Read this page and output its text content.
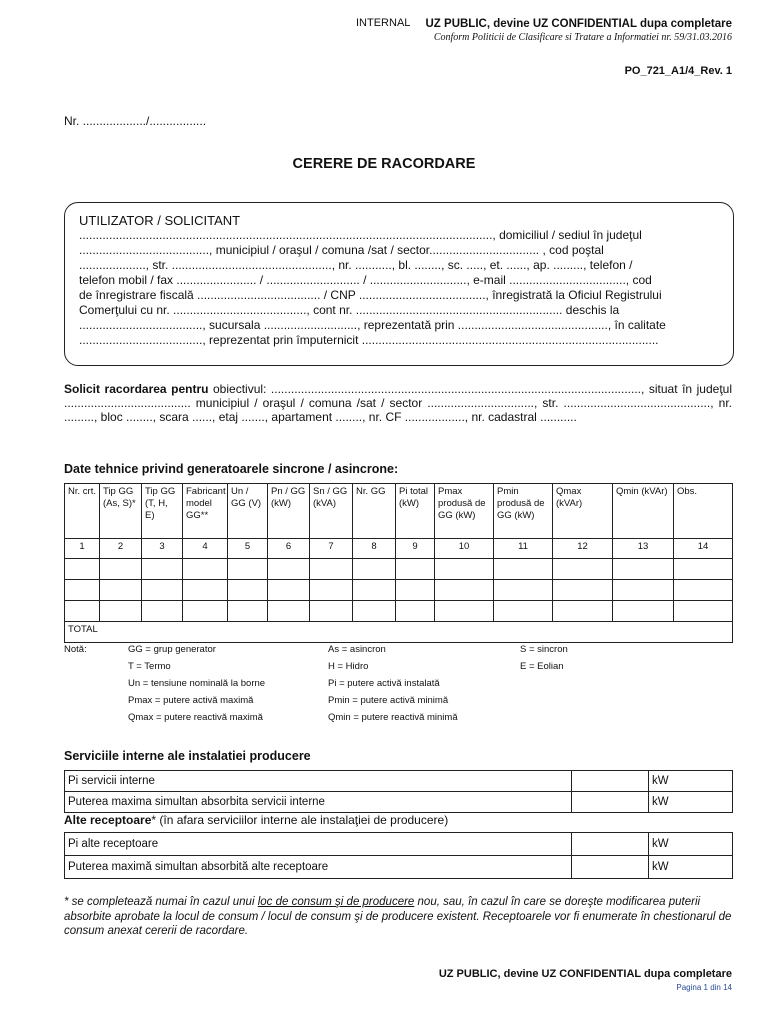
INTERNAL UZ PUBLIC, devine UZ CONFIDENTIAL dupa completare
Conform Politicii de Clasificare si Tratare a Informatiei nr. 59/31.03.2016
PO_721_A1/4_Rev. 1
Nr. .................../.................
CERERE DE RACORDARE
UTILIZATOR / SOLICITANT
............................................................................................................................, domiciliul / sediul în judeţul
......................................., municipiul / oraşul / comuna /sat / sector................................. , cod poştal
...................., str. ................................................, nr. ..........., bl. ........, sc. ....., et. ......, ap. ........., telefon /
telefon mobil / fax ........................ / ............................ / ............................., e-mail ..................................., cod
de înregistrare fiscală ..................................... / CNP ......................................, înregistrată la Oficiul Registrului
Comerţului cu nr. ........................................, cont nr. .............................................................. deschis la
....................................., sucursala ............................, reprezentată prin ............................................., în calitate
....................................., reprezentat prin împuternicit .........................................................................................
Solicit racordarea pentru obiectivul: ..............................................................................................................., situat în judeţul ...................................... municipiul / oraşul / comuna /sat / sector ................................, str. ............................................, nr. ........., bloc ........, scara ......, etaj ......., apartament ........, nr. CF .................., nr. cadastral ...........
Date tehnice privind generatoarele sincrone / asincrone:
Nr. crt.	Tip GG (As, S)*	Tip GG (T, H, E)	Fabricant model GG**	Un / GG (V)	Pn / GG (kW)	Sn / GG (kVA)	Nr. GG	Pi total (kW)	Pmax produsă de GG (kW)	Pmin produsă de GG (kW)	Qmax (kVAr)	Qmin (kVAr)	Obs.
1	2	3	4	5	6	7	8	9	10	11	12	13	14

TOTAL													
Notă:	GG = grup generator	As = asincron	S = sincron
T = Termo	H = Hidro	E = Eolian
Un = tensiune nominală la borne	Pi = putere activă instalată
Pmax = putere activă maximă	Pmin = putere activă minimă
Qmax = putere reactivă maximă	Qmin = putere reactivă minimă
Serviciile interne ale instalatiei producere
Pi servicii interne		kW
Puterea maxima simultan absorbita servicii interne		kW
Alte receptoare* (în afara serviciilor interne ale instalaţiei de producere)
Pi alte receptoare		kW
Puterea maximă simultan absorbită alte receptoare		kW
* se completează numai în cazul unui loc de consum şi de producere nou, sau, în cazul în care se doreşte modificarea puterii absorbite aprobate la locul de consum / locul de consum şi de producere existent. Receptoarele vor fi enumerate în chestionarul de consum anexat cererii de racordare.
UZ PUBLIC, devine UZ CONFIDENTIAL dupa completare
Pagina 1 din 14
